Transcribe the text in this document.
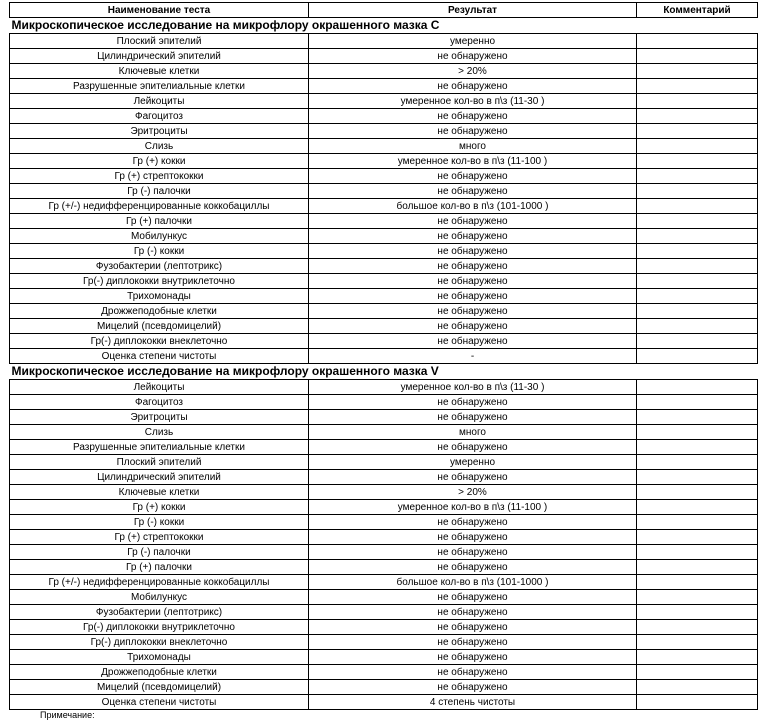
Наименование теста	Результат	Комментарий
Микроскопическое исследование на микрофлору окрашенного мазка C		
Плоский эпителий	умеренно	
Цилиндрический эпителий	не обнаружено	
Ключевые клетки	> 20%	
Разрушенные эпителиальные клетки	не обнаружено	
Лейкоциты	умеренное кол-во в п\з (11-30 )	
Фагоцитоз	не обнаружено	
Эритроциты	не обнаружено	
Слизь	много	
Гр (+) кокки	умеренное кол-во в п\з (11-100 )	
Гр (+) стрептококки	не обнаружено	
Гр (-) палочки	не обнаружено	
Гр (+/-) недифференцированные коккобациллы	большое кол-во в п\з (101-1000 )	
Гр (+) палочки	не обнаружено	
Мобилункус	не обнаружено	
Гр (-) кокки	не обнаружено	
Фузобактерии (лептотрикс)	не обнаружено	
Гр(-) диплококки внутриклеточно	не обнаружено	
Трихомонады	не обнаружено	
Дрожжеподобные клетки	не обнаружено	
Мицелий (псевдомицелий)	не обнаружено	
Гр(-) диплококки внеклеточно	не обнаружено	
Оценка степени чистоты	-	
Микроскопическое исследование на микрофлору окрашенного мазка V		
Лейкоциты	умеренное кол-во в п\з (11-30 )	
Фагоцитоз	не обнаружено	
Эритроциты	не обнаружено	
Слизь	много	
Разрушенные эпителиальные клетки	не обнаружено	
Плоский эпителий	умеренно	
Цилиндрический эпителий	не обнаружено	
Ключевые клетки	> 20%	
Гр (+) кокки	умеренное кол-во в п\з (11-100 )	
Гр (-) кокки	не обнаружено	
Гр (+) стрептококки	не обнаружено	
Гр (-) палочки	не обнаружено	
Гр (+) палочки	не обнаружено	
Гр (+/-) недифференцированные коккобациллы	большое кол-во в п\з (101-1000 )	
Мобилункус	не обнаружено	
Фузобактерии (лептотрикс)	не обнаружено	
Гр(-) диплококки внутриклеточно	не обнаружено	
Гр(-) диплококки внеклеточно	не обнаружено	
Трихомонады	не обнаружено	
Дрожжеподобные клетки	не обнаружено	
Мицелий (псевдомицелий)	не обнаружено	
Оценка степени чистоты	4 степень чистоты	
Примечание:
